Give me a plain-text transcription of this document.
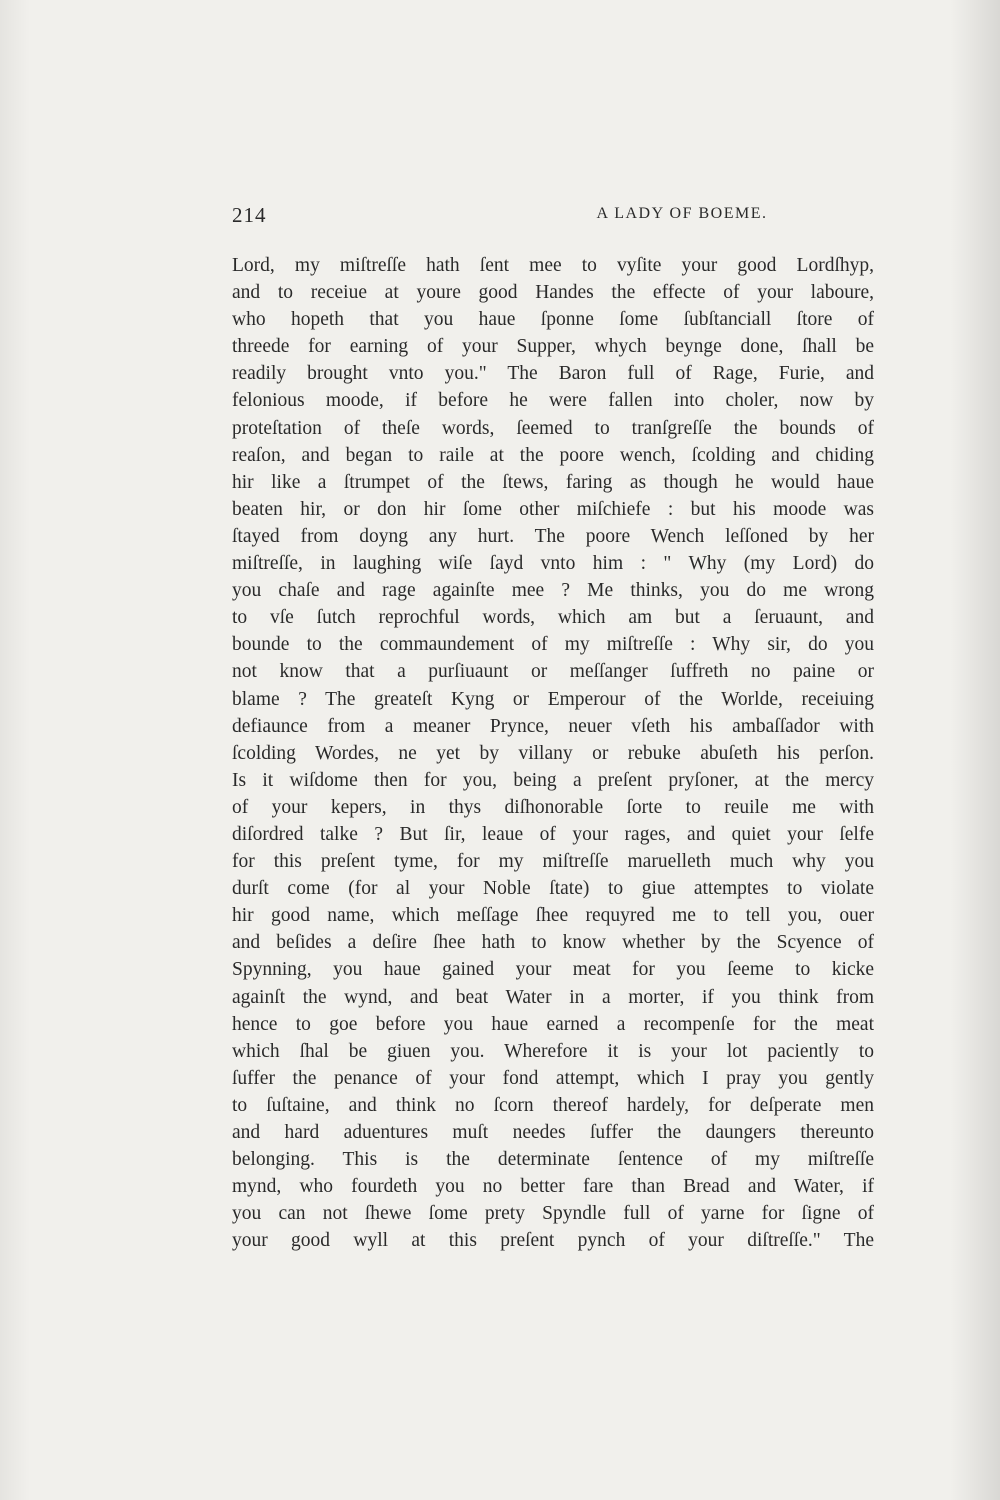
214	A LADY OF BOEME.
Lord, my miſtreſſe hath ſent mee to vyſite your good Lordſhyp,
and to receiue at youre good Handes the effecte of your laboure,
who hopeth that you haue ſponne ſome ſubſtanciall ſtore of
threede for earning of your Supper, whych beynge done, ſhall be
readily brought vnto you." The Baron full of Rage, Furie, and
felonious moode, if before he were fallen into choler, now by
proteſtation of theſe words, ſeemed to tranſgreſſe the bounds of
reaſon, and began to raile at the poore wench, ſcolding and chiding
hir like a ſtrumpet of the ſtews, faring as though he would haue
beaten hir, or don hir ſome other miſchiefe : but his moode was
ſtayed from doyng any hurt. The poore Wench leſſoned by her
miſtreſſe, in laughing wiſe ſayd vnto him : " Why (my Lord) do
you chaſe and rage againſte mee ? Me thinks, you do me wrong
to vſe ſutch reprochful words, which am but a ſeruaunt, and
bounde to the commaundement of my miſtreſſe : Why sir, do you
not know that a purſiuaunt or meſſanger ſuffreth no paine or
blame ? The greateſt Kyng or Emperour of the Worlde, receiuing
defiaunce from a meaner Prynce, neuer vſeth his ambaſſador with
ſcolding Wordes, ne yet by villany or rebuke abuſeth his perſon.
Is it wiſdome then for you, being a preſent pryſoner, at the mercy
of your kepers, in thys diſhonorable ſorte to reuile me with
diſordred talke ? But ſir, leaue of your rages, and quiet your ſelfe
for this preſent tyme, for my miſtreſſe maruelleth much why you
durſt come (for al your Noble ſtate) to giue attemptes to violate
hir good name, which meſſage ſhee requyred me to tell you, ouer
and beſides a deſire ſhee hath to know whether by the Scyence of
Spynning, you haue gained your meat for you ſeeme to kicke
againſt the wynd, and beat Water in a morter, if you think from
hence to goe before you haue earned a recompenſe for the meat
which ſhal be giuen you. Wherefore it is your lot paciently to
ſuffer the penance of your fond attempt, which I pray you gently
to ſuſtaine, and think no ſcorn thereof hardely, for deſperate men
and hard aduentures muſt needes ſuffer the daungers thereunto
belonging. This is the determinate ſentence of my miſtreſſe
mynd, who fourdeth you no better fare than Bread and Water, if
you can not ſhewe ſome prety Spyndle full of yarne for ſigne of
your good wyll at this preſent pynch of your diſtreſſe." The
